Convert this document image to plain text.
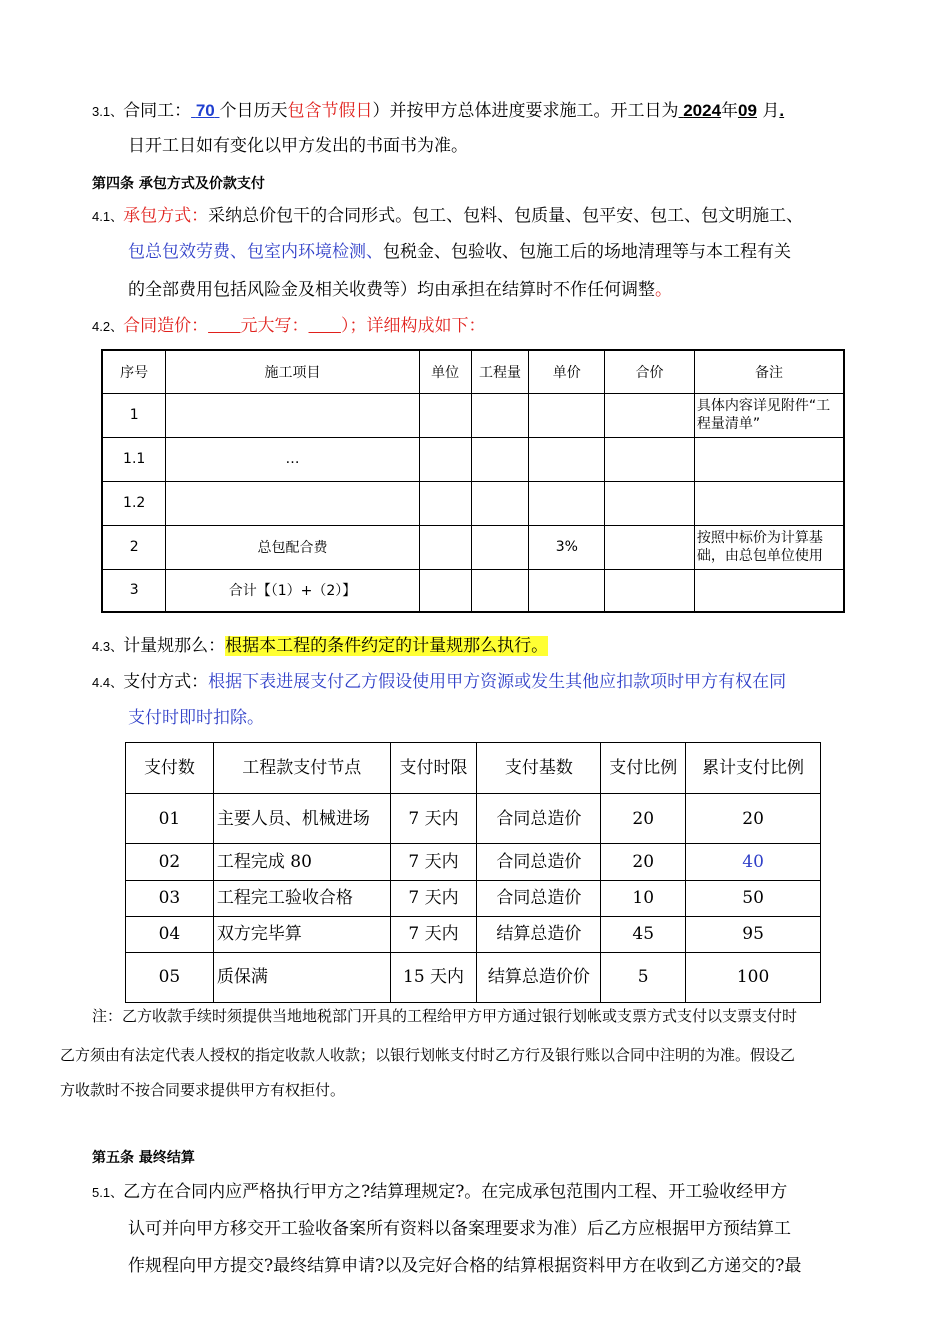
3.1、合同工： 70 个日历天包含节假日）并按甲方总体进度要求施工。开工日为 2024年09 月.
日开工日如有变化以甲方发出的书面书为准。
第四条 承包方式及价款支付
4.1、承包方式：采纳总价包干的合同形式。包工、包料、包质量、包平安、包工、包文明施工、
包总包效劳费、包室内环境检测、包税金、包验收、包施工后的场地清理等与本工程有关
的全部费用包括风险金及相关收费等）均由承担在结算时不作任何调整。
4.2、合同造价： 元大写： ）；详细构成如下：
序号	施工项目	单位	工程量	单价	合价	备注
1						具体内容详见附件“工程量清单”
1.1	…					
1.2						
2	总包配合费			3%		按照中标价为计算基础，由总包单位使用
3	合计【（1）+（2）】					
4.3、计量规那么：根据本工程的条件约定的计量规那么执行。
4.4、支付方式：根据下表进展支付乙方假设使用甲方资源或发生其他应扣款项时甲方有权在同
支付时即时扣除。
支付数	工程款支付节点	支付时限	支付基数	支付比例	累计支付比例
01	主要人员、机械进场	7 天内	合同总造价	20	20
02	工程完成 80	7 天内	合同总造价	20	40
03	工程完工验收合格	7 天内	合同总造价	10	50
04	双方完毕算	7 天内	结算总造价	45	95
05	质保满	15 天内	结算总造价价	5	100
注：乙方收款手续时须提供当地地税部门开具的工程给甲方甲方通过银行划帐或支票方式支付以支票支付时
乙方须由有法定代表人授权的指定收款人收款；以银行划帐支付时乙方行及银行账以合同中注明的为准。假设乙
方收款时不按合同要求提供甲方有权拒付。
第五条 最终结算
5.1、乙方在合同内应严格执行甲方之?结算理规定?。在完成承包范围内工程、开工验收经甲方
认可并向甲方移交开工验收备案所有资料以备案理要求为准）后乙方应根据甲方预结算工
作规程向甲方提交?最终结算申请?以及完好合格的结算根据资料甲方在收到乙方递交的?最
